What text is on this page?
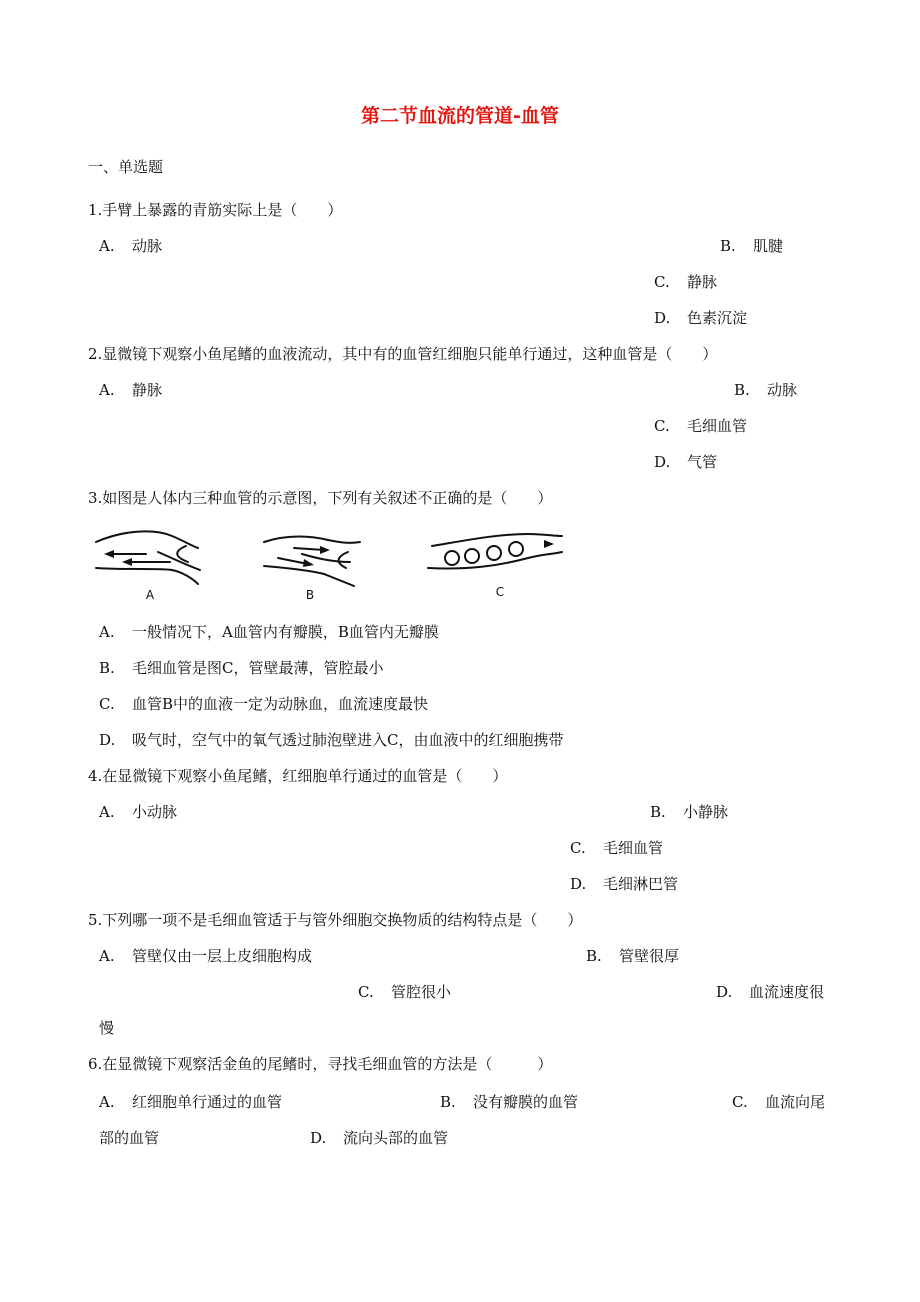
第二节血流的管道-血管
一、单选题
1.手臂上暴露的青筋实际上是（　　）
A. 动脉	B. 肌腱
C. 静脉
D. 色素沉淀
2.显微镜下观察小鱼尾鳍的血液流动，其中有的血管红细胞只能单行通过，这种血管是（　　）
A. 静脉	B. 动脉
C. 毛细血管
D. 气管
3.如图是人体内三种血管的示意图，下列有关叙述不正确的是（　　）
A	B	C
A. 一般情况下，A血管内有瓣膜，B血管内无瓣膜
B. 毛细血管是图C，管壁最薄，管腔最小
C. 血管B中的血液一定为动脉血，血流速度最快
D. 吸气时，空气中的氧气透过肺泡壁进入C，由血液中的红细胞携带
4.在显微镜下观察小鱼尾鳍，红细胞单行通过的血管是（　　）
A. 小动脉	B. 小静脉
C. 毛细血管
D. 毛细淋巴管
5.下列哪一项不是毛细血管适于与管外细胞交换物质的结构特点是（　　）
A. 管壁仅由一层上皮细胞构成	B. 管壁很厚
C. 管腔很小	D. 血流速度很
慢
6.在显微镜下观察活金鱼的尾鳍时，寻找毛细血管的方法是（　　　）
A. 红细胞单行通过的血管	B. 没有瓣膜的血管	C. 血流向尾
部的血管	D. 流向头部的血管
